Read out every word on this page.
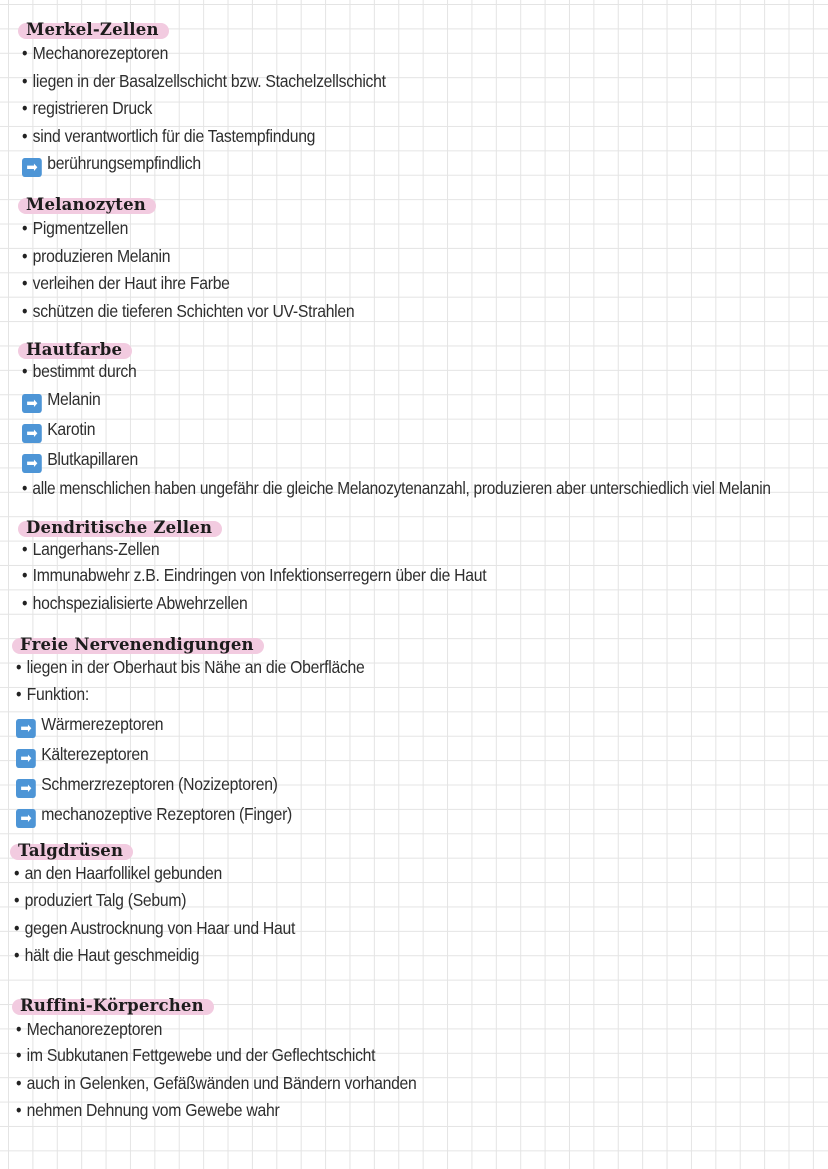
Merkel-Zellen
• Mechanorezeptoren
• liegen in der Basalzellschicht bzw. Stachelzellschicht
• registrieren Druck
• sind verantwortlich für die Tastempfindung
➡ berührungsempfindlich
Melanozyten
• Pigmentzellen
• produzieren Melanin
• verleihen der Haut ihre Farbe
• schützen die tieferen Schichten vor UV-Strahlen
Hautfarbe
• bestimmt durch
➡ Melanin
➡ Karotin
➡ Blutkapillaren
• alle menschlichen haben ungefähr die gleiche Melanozytenanzahl, produzieren aber unterschiedlich viel Melanin
Dendritische Zellen
• Langerhans-Zellen
• Immunabwehr z.B. Eindringen von Infektionserregern über die Haut
• hochspezialisierte Abwehrzellen
Freie Nervenendigungen
• liegen in der Oberhaut bis Nähe an die Oberfläche
• Funktion:
➡ Wärmerezeptoren
➡ Kälterezeptoren
➡ Schmerzrezeptoren (Nozizeptoren)
➡ mechanozeptive Rezeptoren (Finger)
Talgdrüsen
• an den Haarfollikel gebunden
• produziert Talg (Sebum)
• gegen Austrocknung von Haar und Haut
• hält die Haut geschmeidig
Ruffini-Körperchen
• Mechanorezeptoren
• im Subkutanen Fettgewebe und der Geflechtschicht
• auch in Gelenken, Gefäßwänden und Bändern vorhanden
• nehmen Dehnung vom Gewebe wahr
